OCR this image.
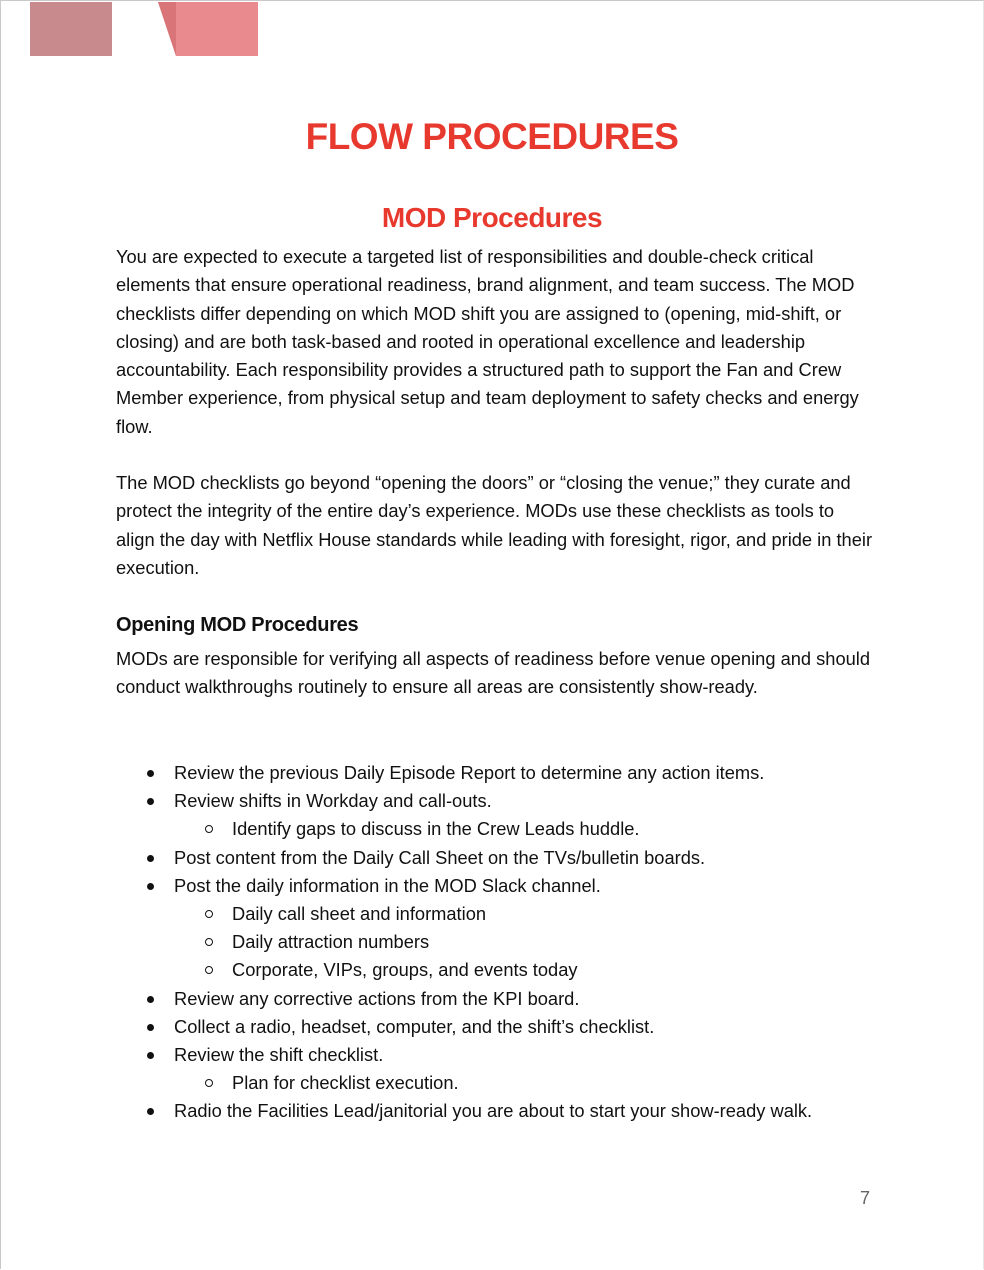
FLOW PROCEDURES
MOD Procedures

You are expected to execute a targeted list of responsibilities and double-check critical elements that ensure operational readiness, brand alignment, and team success. The MOD checklists differ depending on which MOD shift you are assigned to (opening, mid-shift, or closing) and are both task-based and rooted in operational excellence and leadership accountability. Each responsibility provides a structured path to support the Fan and Crew Member experience, from physical setup and team deployment to safety checks and energy flow.

The MOD checklists go beyond “opening the doors” or “closing the venue;” they curate and protect the integrity of the entire day’s experience. MODs use these checklists as tools to align the day with Netflix House standards while leading with foresight, rigor, and pride in their execution.

Opening MOD Procedures

MODs are responsible for verifying all aspects of readiness before venue opening and should conduct walkthroughs routinely to ensure all areas are consistently show-ready.

Review the previous Daily Episode Report to determine any action items.
Review shifts in Workday and call-outs.
Identify gaps to discuss in the Crew Leads huddle.
Post content from the Daily Call Sheet on the TVs/bulletin boards.
Post the daily information in the MOD Slack channel.
Daily call sheet and information
Daily attraction numbers
Corporate, VIPs, groups, and events today
Review any corrective actions from the KPI board.
Collect a radio, headset, computer, and the shift’s checklist.
Review the shift checklist.
Plan for checklist execution.
Radio the Facilities Lead/janitorial you are about to start your show-ready walk.

7
